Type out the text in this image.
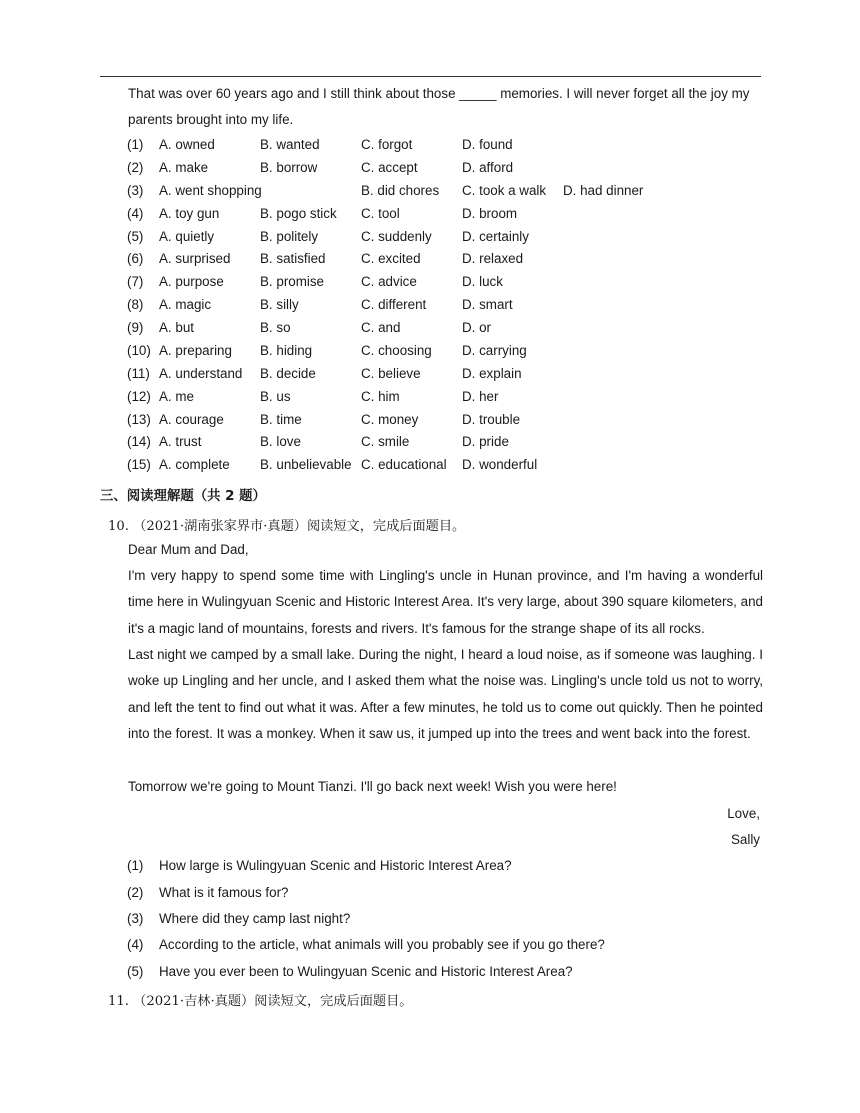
That was over 60 years ago and I still think about those _____ memories. I will never forget all the joy my
parents brought into my life.
(1) A. owned	B. wanted	C. forgot	D. found
(2) A. make	B. borrow	C. accept	D. afford
(3) A. went shopping	B. did chores C. took a walk D. had dinner
(4) A. toy gun	B. pogo stick C. tool	D. broom
(5) A. quietly	B. politely	C. suddenly D. certainly
(6) A. surprised B. satisfied	C. excited	D. relaxed
(7) A. purpose	B. promise	C. advice	D. luck
(8) A. magic	B. silly	C. different	D. smart
(9) A. but	B. so	C. and	D. or
(10) A. preparing B. hiding	C. choosing D. carrying
(11) A. understand B. decide	C. believe	D. explain
(12) A. me	B. us	C. him	D. her
(13) A. courage	B. time	C. money	D. trouble
(14) A. trust	B. love	C. smile	D. pride
(15) A. complete B. unbelievable C. educational D. wonderful
三、阅读理解题（共 2 题）
10. （2021·湖南张家界市·真题）阅读短文，完成后面题目。
Dear Mum and Dad,
I'm very happy to spend some time with Lingling's uncle in Hunan province, and I'm having a wonderful time here in Wulingyuan Scenic and Historic Interest Area. It's very large, about 390 square kilometers, and it's a magic land of mountains, forests and rivers. It's famous for the strange shape of its all rocks.
Last night we camped by a small lake. During the night, I heard a loud noise, as if someone was laughing. I woke up Lingling and her uncle, and I asked them what the noise was. Lingling's uncle told us not to worry, and left the tent to find out what it was. After a few minutes, he told us to come out quickly. Then he pointed into the forest. It was a monkey. When it saw us, it jumped up into the trees and went back into the forest.
Tomorrow we're going to Mount Tianzi. I'll go back next week! Wish you were here!
Love,
Sally
(1) How large is Wulingyuan Scenic and Historic Interest Area?
(2) What is it famous for?
(3) Where did they camp last night?
(4) According to the article, what animals will you probably see if you go there?
(5) Have you ever been to Wulingyuan Scenic and Historic Interest Area?
11. （2021·吉林·真题）阅读短文，完成后面题目。
